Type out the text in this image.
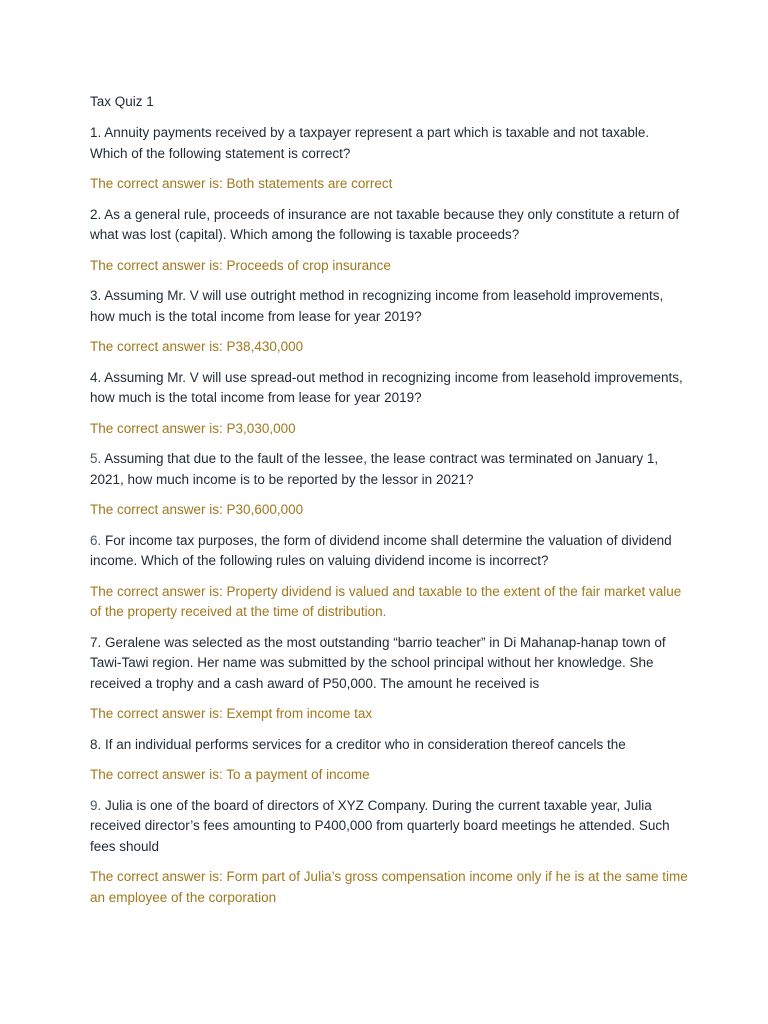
Tax Quiz 1

1. Annuity payments received by a taxpayer represent a part which is taxable and not taxable. Which of the following statement is correct?

The correct answer is: Both statements are correct

2. As a general rule, proceeds of insurance are not taxable because they only constitute a return of what was lost (capital). Which among the following is taxable proceeds?

The correct answer is: Proceeds of crop insurance

3. Assuming Mr. V will use outright method in recognizing income from leasehold improvements, how much is the total income from lease for year 2019?

The correct answer is: P38,430,000

4. Assuming Mr. V will use spread-out method in recognizing income from leasehold improvements, how much is the total income from lease for year 2019?

The correct answer is: P3,030,000

5. Assuming that due to the fault of the lessee, the lease contract was terminated on January 1, 2021, how much income is to be reported by the lessor in 2021?

The correct answer is: P30,600,000

6. For income tax purposes, the form of dividend income shall determine the valuation of dividend income. Which of the following rules on valuing dividend income is incorrect?

The correct answer is: Property dividend is valued and taxable to the extent of the fair market value of the property received at the time of distribution.

7. Geralene was selected as the most outstanding “barrio teacher” in Di Mahanap-hanap town of Tawi-Tawi region. Her name was submitted by the school principal without her knowledge. She received a trophy and a cash award of P50,000. The amount he received is

The correct answer is: Exempt from income tax

8. If an individual performs services for a creditor who in consideration thereof cancels the

The correct answer is: To a payment of income

9. Julia is one of the board of directors of XYZ Company. During the current taxable year, Julia received director’s fees amounting to P400,000 from quarterly board meetings he attended. Such fees should

The correct answer is: Form part of Julia’s gross compensation income only if he is at the same time an employee of the corporation
